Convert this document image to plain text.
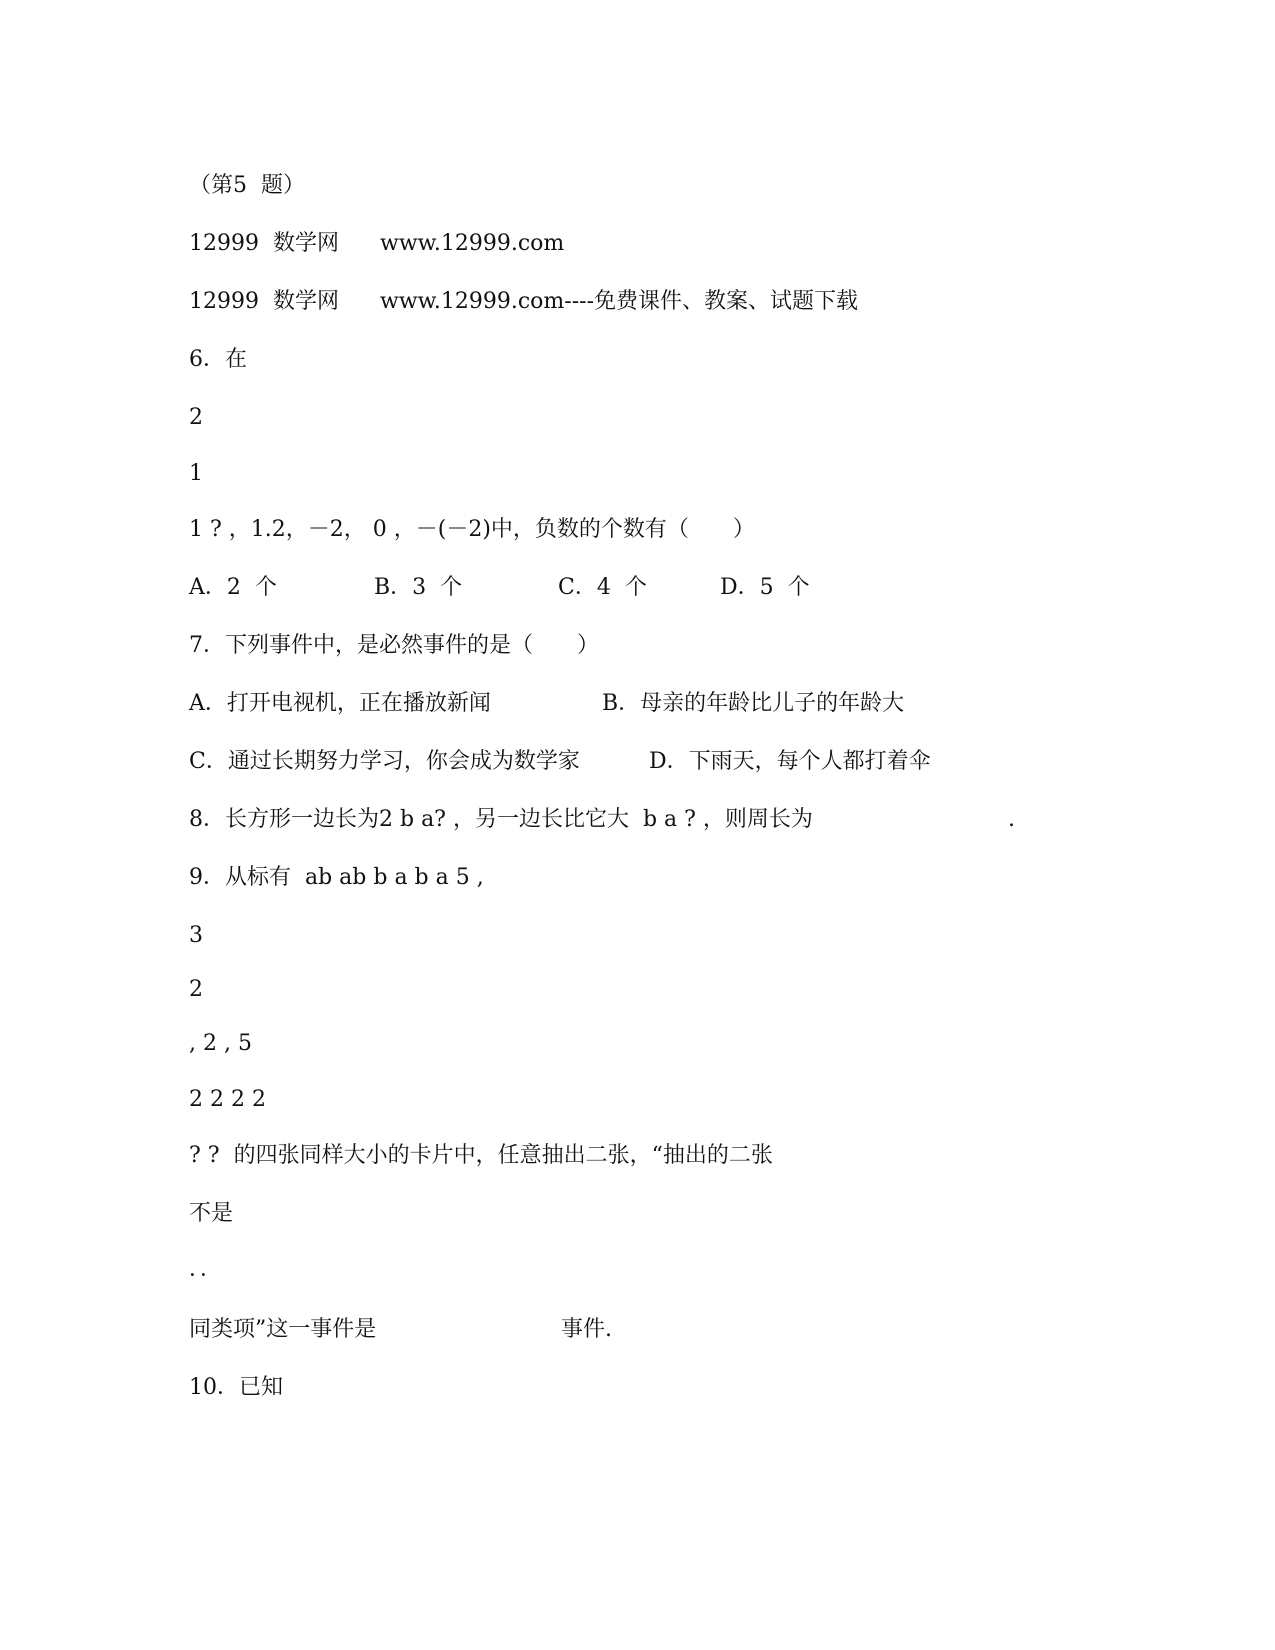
（第5  题）
12999  数学网 www.12999.com
12999  数学网 www.12999.com----免费课件、教案、试题下载
6．在
2
1
1 ? ，1.2，－2， 0 ，－(－2)中，负数的个数有（　　）
A．2  个	B．3  个	C．4  个	D．5  个
7．下列事件中，是必然事件的是（　　）
A．打开电视机，正在播放新闻	B．母亲的年龄比儿子的年龄大
C．通过长期努力学习，你会成为数学家	D．下雨天，每个人都打着伞
8．长方形一边长为2 b a? ，另一边长比它大  b a ? ，则周长为	.
9．从标有  ab ab b a b a 5 ,
3
2
, 2 , 5
2 2 2 2
? ?  的四张同样大小的卡片中，任意抽出二张，“抽出的二张
不是
．．
同类项”这一事件是	事件.
10．已知
